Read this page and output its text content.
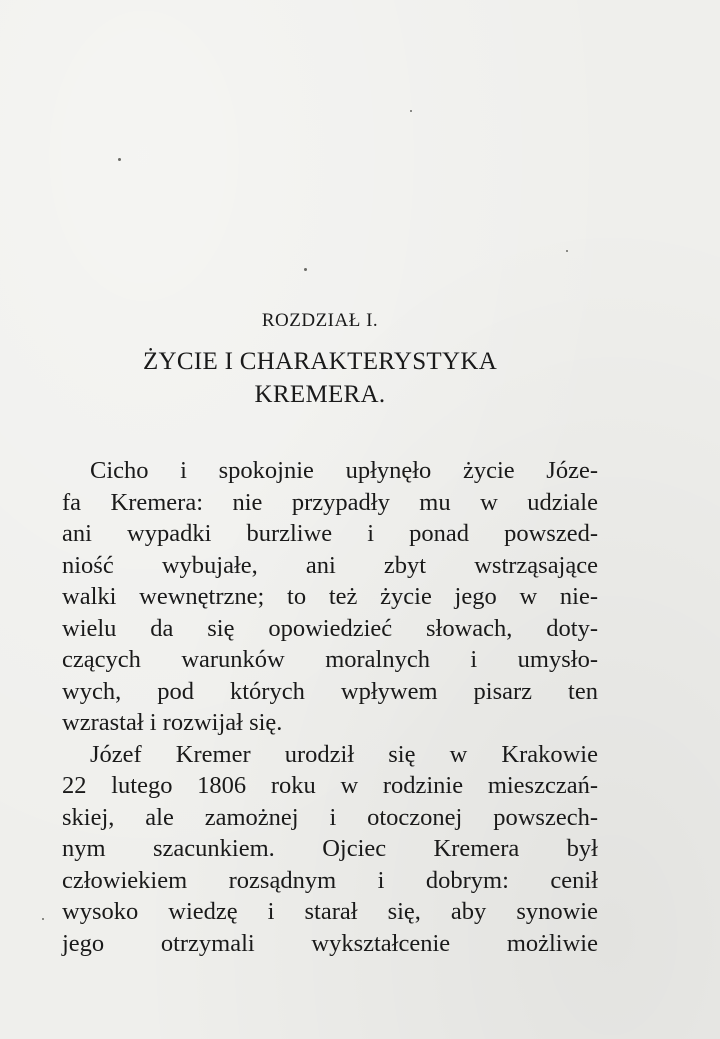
ROZDZIAŁ I.
ŻYCIE I CHARAKTERYSTYKA
KREMERA.
Cicho i spokojnie upłynęło życie Józe-
fa Kremera: nie przypadły mu w udziale
ani wypadki burzliwe i ponad powszed-
niość wybujałe, ani zbyt wstrząsające
walki wewnętrzne; to też życie jego w nie-
wielu da się opowiedzieć słowach, doty-
czących warunków moralnych i umysło-
wych, pod których wpływem pisarz ten
wzrastał i rozwijał się.
Józef Kremer urodził się w Krakowie
22 lutego 1806 roku w rodzinie mieszczań-
skiej, ale zamożnej i otoczonej powszech-
nym szacunkiem. Ojciec Kremera był
człowiekiem rozsądnym i dobrym: cenił
wysoko wiedzę i starał się, aby synowie
jego otrzymali wykształcenie możliwie
